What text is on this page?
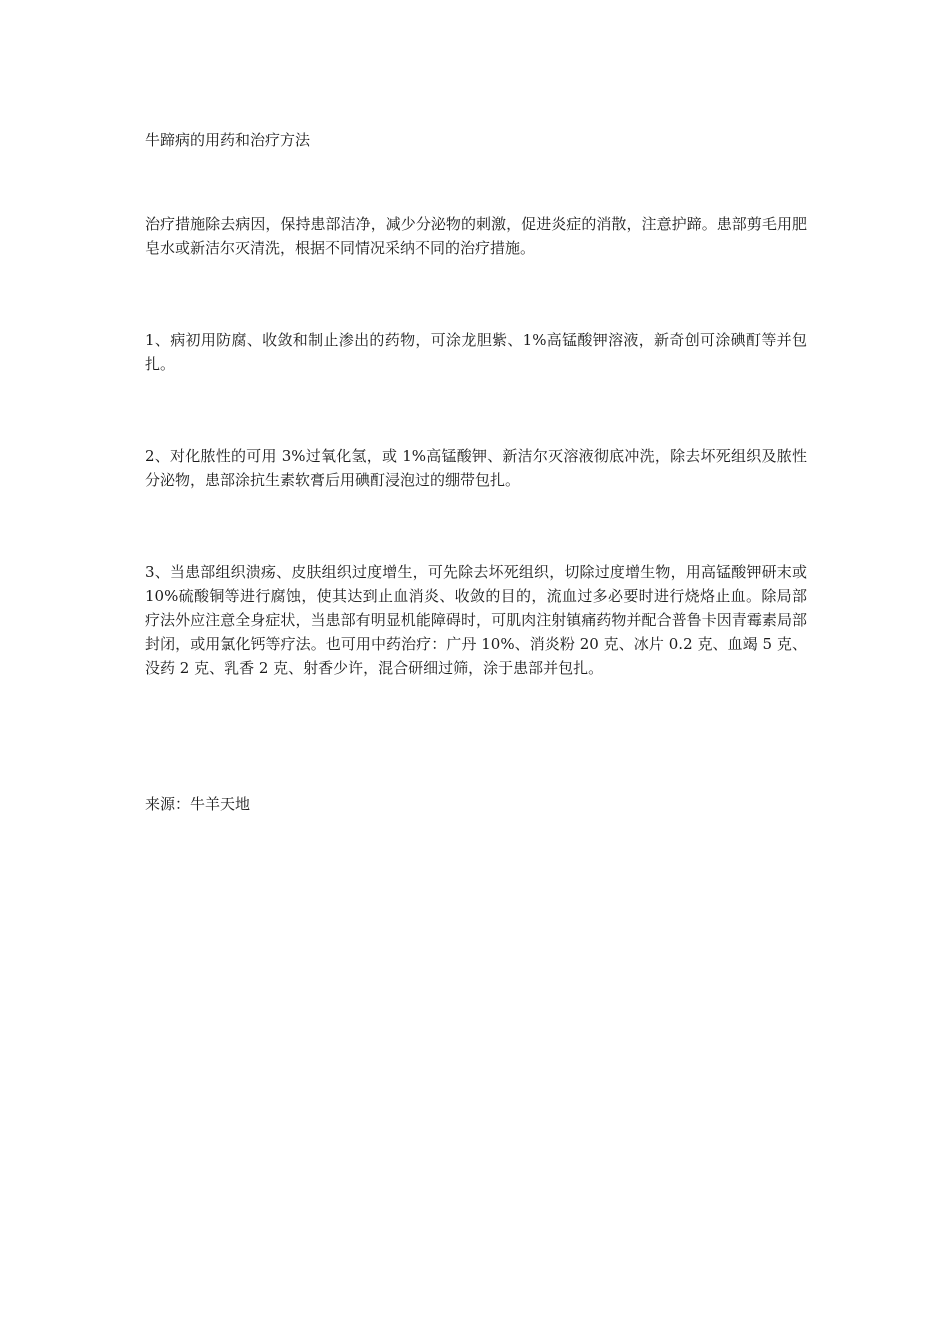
牛蹄病的用药和治疗方法

治疗措施除去病因，保持患部洁净，减少分泌物的刺激，促进炎症的消散，注意护蹄。患部剪毛用肥皂水或新洁尔灭清洗，根据不同情况采纳不同的治疗措施。

1、病初用防腐、收敛和制止渗出的药物，可涂龙胆紫、1%高锰酸钾溶液，新奇创可涂碘酊等并包扎。

2、对化脓性的可用 3%过氧化氢，或 1%高锰酸钾、新洁尔灭溶液彻底冲洗，除去坏死组织及脓性分泌物，患部涂抗生素软膏后用碘酊浸泡过的绷带包扎。

3、当患部组织溃疡、皮肤组织过度增生，可先除去坏死组织，切除过度增生物，用高锰酸钾研末或 10%硫酸铜等进行腐蚀，使其达到止血消炎、收敛的目的，流血过多必要时进行烧烙止血。除局部疗法外应注意全身症状，当患部有明显机能障碍时，可肌肉注射镇痛药物并配合普鲁卡因青霉素局部封闭，或用氯化钙等疗法。也可用中药治疗：广丹 10%、消炎粉 20 克、冰片 0.2 克、血竭 5 克、没药 2 克、乳香 2 克、射香少许，混合研细过筛，涂于患部并包扎。

来源：牛羊天地
